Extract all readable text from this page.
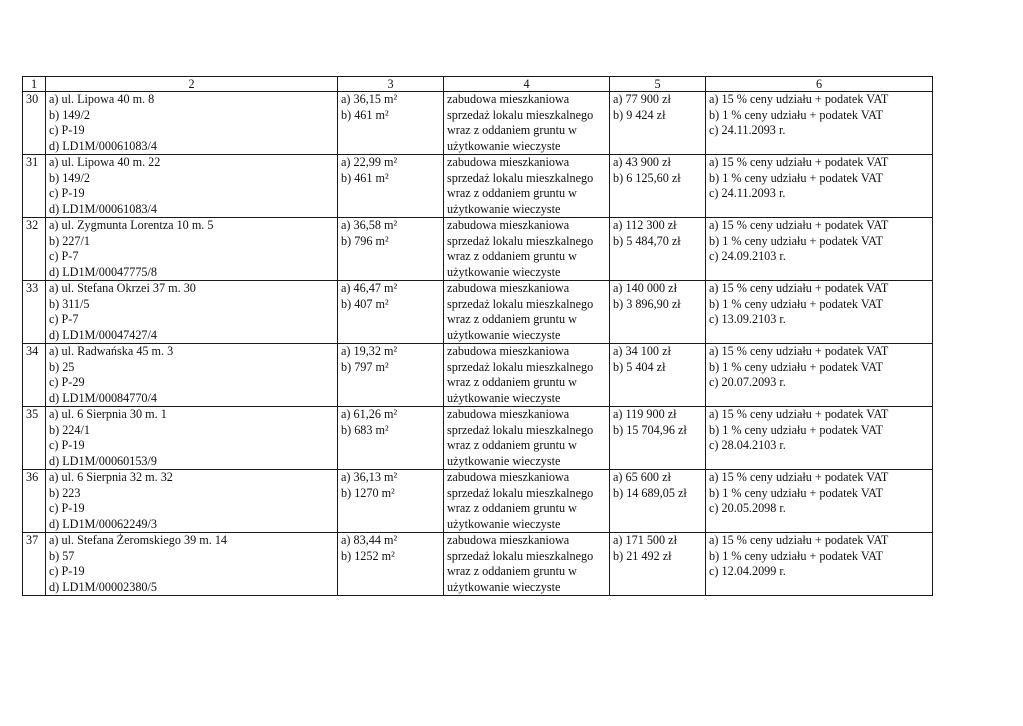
1	2	3	4	5	6
30	a) ul. Lipowa 40 m. 8
b) 149/2
c) P-19
d) LD1M/00061083/4	a) 36,15 m²
b) 461 m²	zabudowa mieszkaniowa
sprzedaż lokalu mieszkalnego
wraz z oddaniem gruntu w
użytkowanie wieczyste	a) 77 900 zł
b) 9 424 zł	a) 15 % ceny udziału + podatek VAT
b) 1 % ceny udziału + podatek VAT
c) 24.11.2093 r.

31	a) ul. Lipowa 40 m. 22
b) 149/2
c) P-19
d) LD1M/00061083/4	a) 22,99 m²
b) 461 m²	zabudowa mieszkaniowa
sprzedaż lokalu mieszkalnego
wraz z oddaniem gruntu w
użytkowanie wieczyste	a) 43 900 zł
b) 6 125,60 zł	a) 15 % ceny udziału + podatek VAT
b) 1 % ceny udziału + podatek VAT
c) 24.11.2093 r.

32	a) ul. Zygmunta Lorentza 10 m. 5
b) 227/1
c) P-7
d) LD1M/00047775/8	a) 36,58 m²
b) 796 m²	zabudowa mieszkaniowa
sprzedaż lokalu mieszkalnego
wraz z oddaniem gruntu w
użytkowanie wieczyste	a) 112 300 zł
b) 5 484,70 zł	a) 15 % ceny udziału + podatek VAT
b) 1 % ceny udziału + podatek VAT
c) 24.09.2103 r.

33	a) ul. Stefana Okrzei 37 m. 30
b) 311/5
c) P-7
d) LD1M/00047427/4	a) 46,47 m²
b) 407 m²	zabudowa mieszkaniowa
sprzedaż lokalu mieszkalnego
wraz z oddaniem gruntu w
użytkowanie wieczyste	a) 140 000 zł
b) 3 896,90 zł	a) 15 % ceny udziału + podatek VAT
b) 1 % ceny udziału + podatek VAT
c) 13.09.2103 r.

34	a) ul. Radwańska 45 m. 3
b) 25
c) P-29
d) LD1M/00084770/4	a) 19,32 m²
b) 797 m²	zabudowa mieszkaniowa
sprzedaż lokalu mieszkalnego
wraz z oddaniem gruntu w
użytkowanie wieczyste	a) 34 100 zł
b) 5 404 zł	a) 15 % ceny udziału + podatek VAT
b) 1 % ceny udziału + podatek VAT
c) 20.07.2093 r.

35	a) ul. 6 Sierpnia 30 m. 1
b) 224/1
c) P-19
d) LD1M/00060153/9	a) 61,26 m²
b) 683 m²	zabudowa mieszkaniowa
sprzedaż lokalu mieszkalnego
wraz z oddaniem gruntu w
użytkowanie wieczyste	a) 119 900 zł
b) 15 704,96 zł	a) 15 % ceny udziału + podatek VAT
b) 1 % ceny udziału + podatek VAT
c) 28.04.2103 r.

36	a) ul. 6 Sierpnia 32 m. 32
b) 223
c) P-19
d) LD1M/00062249/3	a) 36,13 m²
b) 1270 m²	zabudowa mieszkaniowa
sprzedaż lokalu mieszkalnego
wraz z oddaniem gruntu w
użytkowanie wieczyste	a) 65 600 zł
b) 14 689,05 zł	a) 15 % ceny udziału + podatek VAT
b) 1 % ceny udziału + podatek VAT
c) 20.05.2098 r.

37	a) ul. Stefana Żeromskiego 39 m. 14
b) 57
c) P-19
d) LD1M/00002380/5	a) 83,44 m²
b) 1252 m²	zabudowa mieszkaniowa
sprzedaż lokalu mieszkalnego
wraz z oddaniem gruntu w
użytkowanie wieczyste	a) 171 500 zł
b) 21 492 zł	a) 15 % ceny udziału + podatek VAT
b) 1 % ceny udziału + podatek VAT
c) 12.04.2099 r.
